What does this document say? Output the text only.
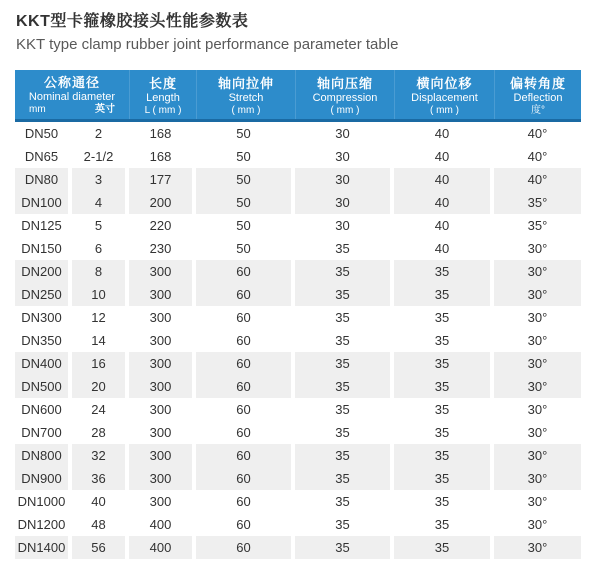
KKT型卡箍橡胶接头性能参数表
KKT type clamp rubber joint performance parameter table
公称通径
Nominal diameter
mm	英寸
长度
Length
L ( mm )
轴向拉伸
Stretch
( mm )
轴向压缩
Compression
( mm )
横向位移
Displacement
( mm )
偏转角度
Deflection
度°
DN50	2	168	50	30	40	40°
DN65	2-1/2	168	50	30	40	40°
DN80	3	177	50	30	40	40°
DN100	4	200	50	30	40	35°
DN125	5	220	50	30	40	35°
DN150	6	230	50	35	40	30°
DN200	8	300	60	35	35	30°
DN250	10	300	60	35	35	30°
DN300	12	300	60	35	35	30°
DN350	14	300	60	35	35	30°
DN400	16	300	60	35	35	30°
DN500	20	300	60	35	35	30°
DN600	24	300	60	35	35	30°
DN700	28	300	60	35	35	30°
DN800	32	300	60	35	35	30°
DN900	36	300	60	35	35	30°
DN1000	40	300	60	35	35	30°
DN1200	48	400	60	35	35	30°
DN1400	56	400	60	35	35	30°
